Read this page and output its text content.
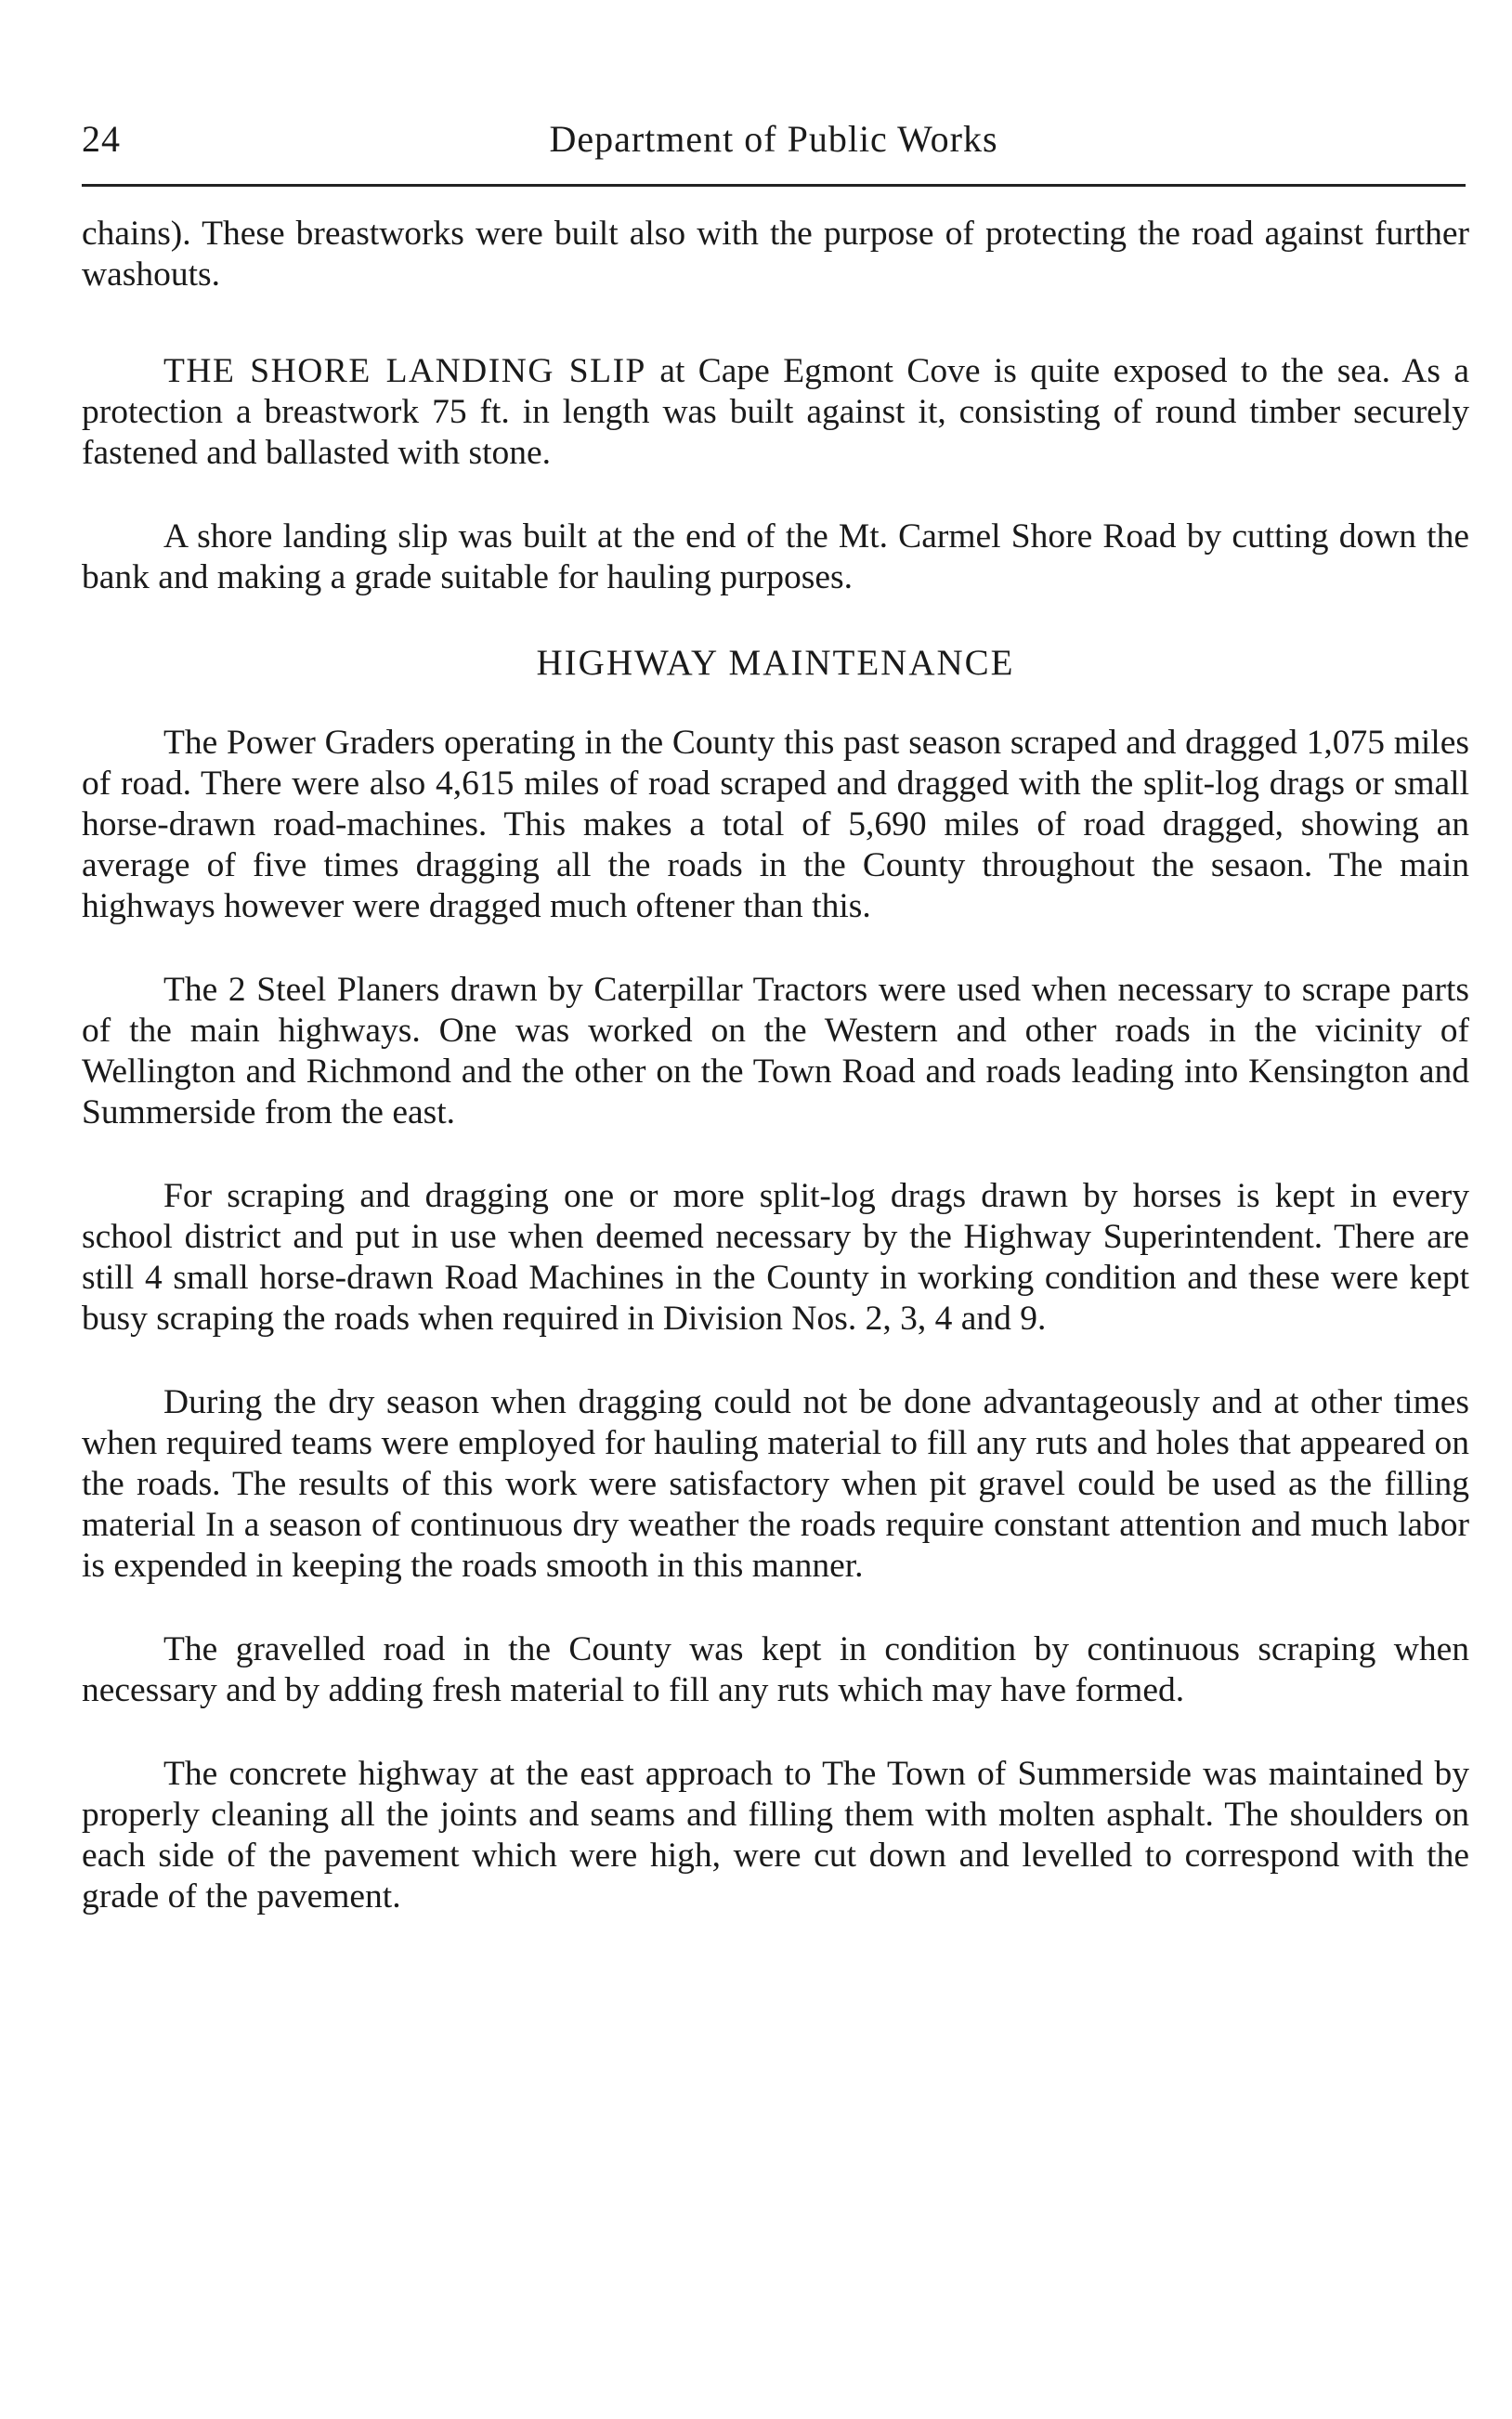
24	Department of Public Works

chains). These breastworks were built also with the purpose of protecting the road against further washouts.

THE SHORE LANDING SLIP at Cape Egmont Cove is quite exposed to the sea. As a protection a breastwork 75 ft. in length was built against it, consisting of round timber securely fastened and ballasted with stone.

A shore landing slip was built at the end of the Mt. Carmel Shore Road by cutting down the bank and making a grade suitable for hauling purposes.

HIGHWAY MAINTENANCE

The Power Graders operating in the County this past season scraped and dragged 1,075 miles of road. There were also 4,615 miles of road scraped and dragged with the split-log drags or small horse-drawn road-machines. This makes a total of 5,690 miles of road dragged, showing an average of five times dragging all the roads in the County throughout the sesaon. The main highways however were dragged much oftener than this.

The 2 Steel Planers drawn by Caterpillar Tractors were used when necessary to scrape parts of the main highways. One was worked on the Western and other roads in the vicinity of Wellington and Richmond and the other on the Town Road and roads leading into Kensington and Summerside from the east.

For scraping and dragging one or more split-log drags drawn by horses is kept in every school district and put in use when deemed necessary by the Highway Superintendent. There are still 4 small horse-drawn Road Machines in the County in working condition and these were kept busy scraping the roads when required in Division Nos. 2, 3, 4 and 9.

During the dry season when dragging could not be done advantageously and at other times when required teams were employed for hauling material to fill any ruts and holes that appeared on the roads. The results of this work were satisfactory when pit gravel could be used as the filling material In a season of continuous dry weather the roads require constant attention and much labor is expended in keeping the roads smooth in this manner.

The gravelled road in the County was kept in condition by continuous scraping when necessary and by adding fresh material to fill any ruts which may have formed.

The concrete highway at the east approach to The Town of Summerside was maintained by properly cleaning all the joints and seams and filling them with molten asphalt. The shoulders on each side of the pavement which were high, were cut down and levelled to correspond with the grade of the pavement.
